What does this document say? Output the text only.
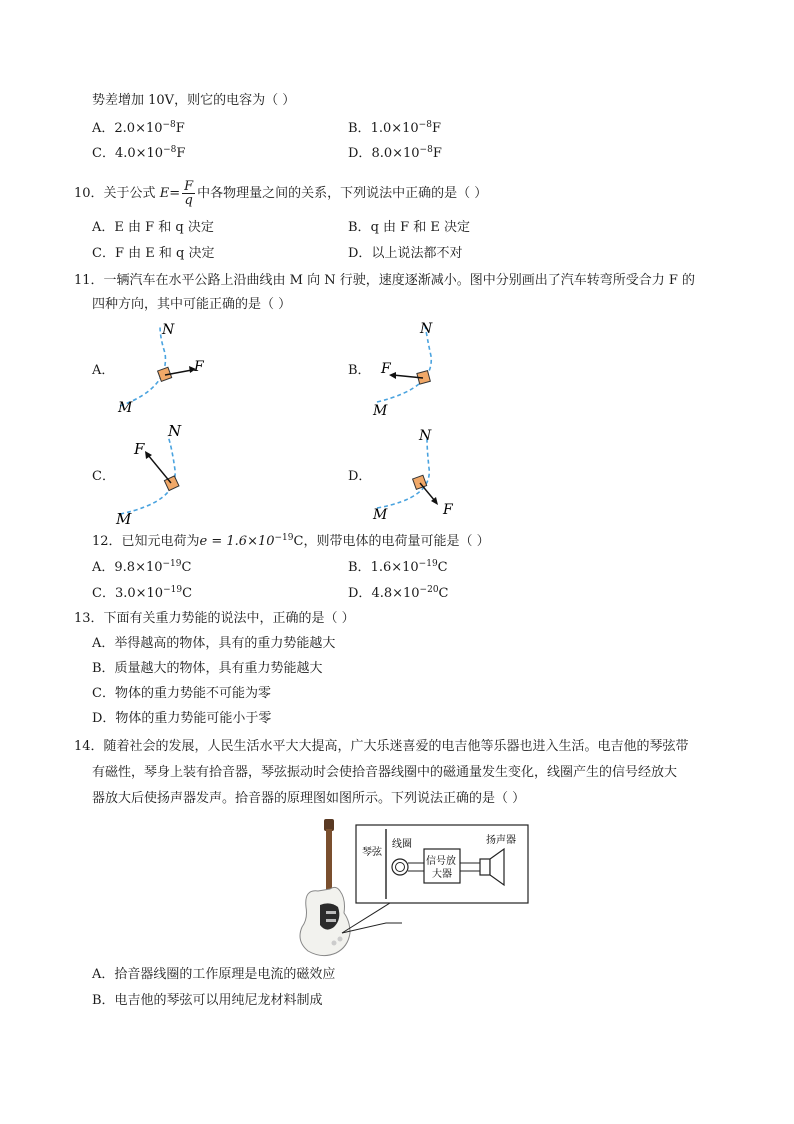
势差增加 10V，则它的电容为（ ）
A．$2.0\times 10^{-8}F$	B．$1.0\times 10^{-8}F$
C．$4.0\times 10^{-8}F$	D．$8.0\times 10^{-8}F$
10．关于公式 $E= \frac{F}{q}$ 中各物理量之间的关系，下列说法中正确的是（ ）
A．E 由 F 和 q 决定	B．q 由 F 和 E 决定
C．F 由 E 和 q 决定	D．以上说法都不对
11．一辆汽车在水平公路上沿曲线由 M 向 N 行驶，速度逐渐减小。图中分别画出了汽车转弯所受合力 F 的
四种方向，其中可能正确的是（ ）
A．	B．
C．	D．
N
M
F
N
M
F
N
M
F
N
M	F
12．已知元电荷为$e = 1.6\times 10^{-19}C$，则带电体的电荷量可能是（ ）
A．$9.8\times 10^{-19}C$	B．$1.6\times 10^{-19}C$
C．$3.0\times 10^{-19}C$	D．$4.8\times 10^{-20}C$
13．下面有关重力势能的说法中，正确的是（ ）
A．举得越高的物体，具有的重力势能越大
B．质量越大的物体，具有重力势能越大
C．物体的重力势能不可能为零
D．物体的重力势能可能小于零
14．随着社会的发展，人民生活水平大大提高，广大乐迷喜爱的电吉他等乐器也进入生活。电吉他的琴弦带
有磁性，琴身上装有拾音器，琴弦振动时会使拾音器线圈中的磁通量发生变化，线圈产生的信号经放大
器放大后使扬声器发声。拾音器的原理图如图所示。下列说法正确的是（ ）
琴弦
线圈
信号放
大器
扬声器
A．拾音器线圈的工作原理是电流的磁效应
B．电吉他的琴弦可以用纯尼龙材料制成
